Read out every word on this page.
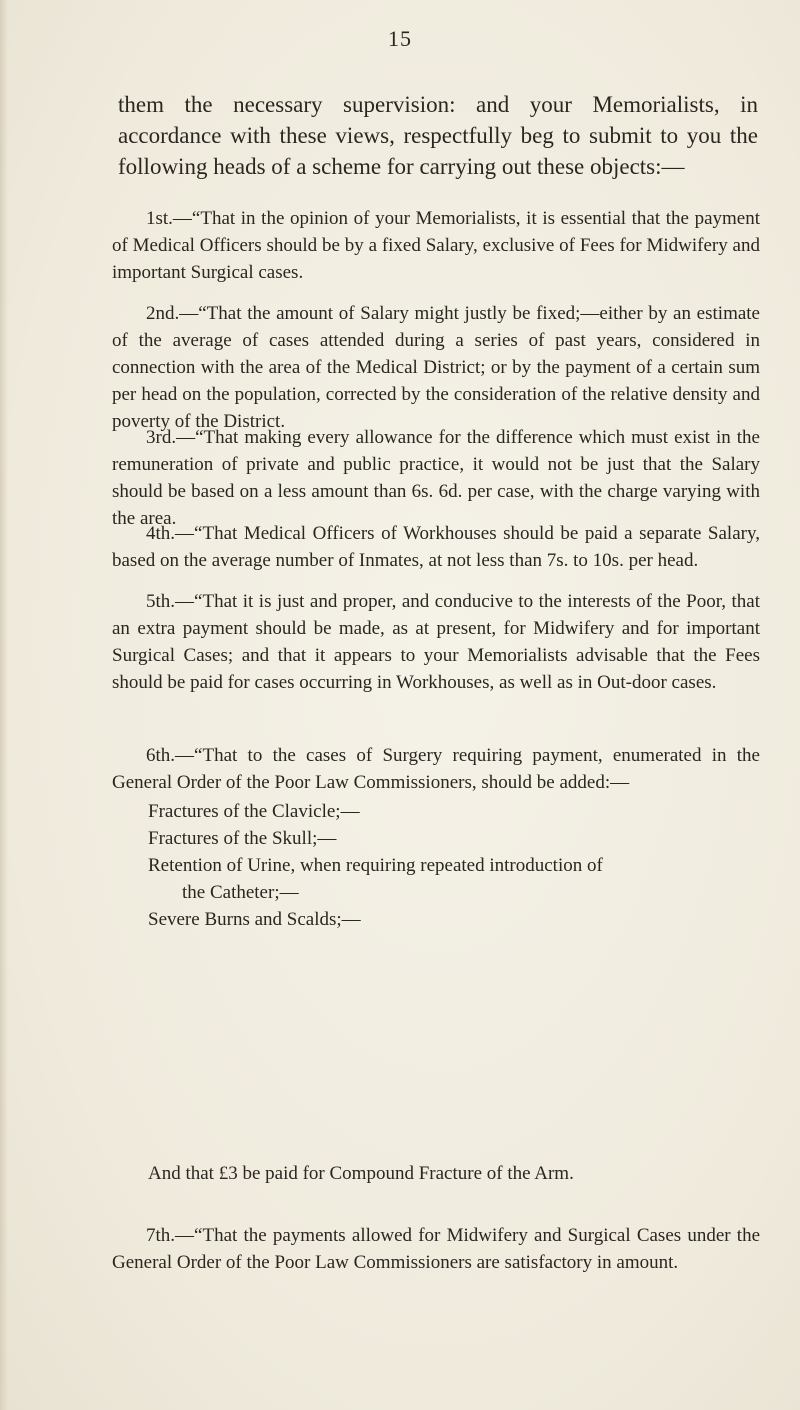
15

them the necessary supervision: and your Memorialists, in accordance with these views, respectfully beg to submit to you the following heads of a scheme for carrying out these objects:—

1st.—“That in the opinion of your Memorialists, it is essential that the payment of Medical Officers should be by a fixed Salary, exclusive of Fees for Midwifery and important Surgical cases.

2nd.—“That the amount of Salary might justly be fixed;—either by an estimate of the average of cases attended during a series of past years, considered in connection with the area of the Medical District; or by the payment of a certain sum per head on the population, corrected by the consideration of the relative density and poverty of the District.

3rd.—“That making every allowance for the difference which must exist in the remuneration of private and public practice, it would not be just that the Salary should be based on a less amount than 6s. 6d. per case, with the charge varying with the area.

4th.—“That Medical Officers of Workhouses should be paid a separate Salary, based on the average number of Inmates, at not less than 7s. to 10s. per head.

5th.—“That it is just and proper, and conducive to the interests of the Poor, that an extra payment should be made, as at present, for Midwifery and for important Surgical Cases; and that it appears to your Memorialists advisable that the Fees should be paid for cases occurring in Workhouses, as well as in Out-door cases.

6th.—“That to the cases of Surgery requiring payment, enumerated in the General Order of the Poor Law Commissioners, should be added:—

Fractures of the Clavicle;—
Fractures of the Skull;—
Retention of Urine, when requiring repeated introduction of
the Catheter;—
Severe Burns and Scalds;—

And that £3 be paid for Compound Fracture of the Arm.

7th.—“That the payments allowed for Midwifery and Surgical Cases under the General Order of the Poor Law Commissioners are satisfactory in amount.
